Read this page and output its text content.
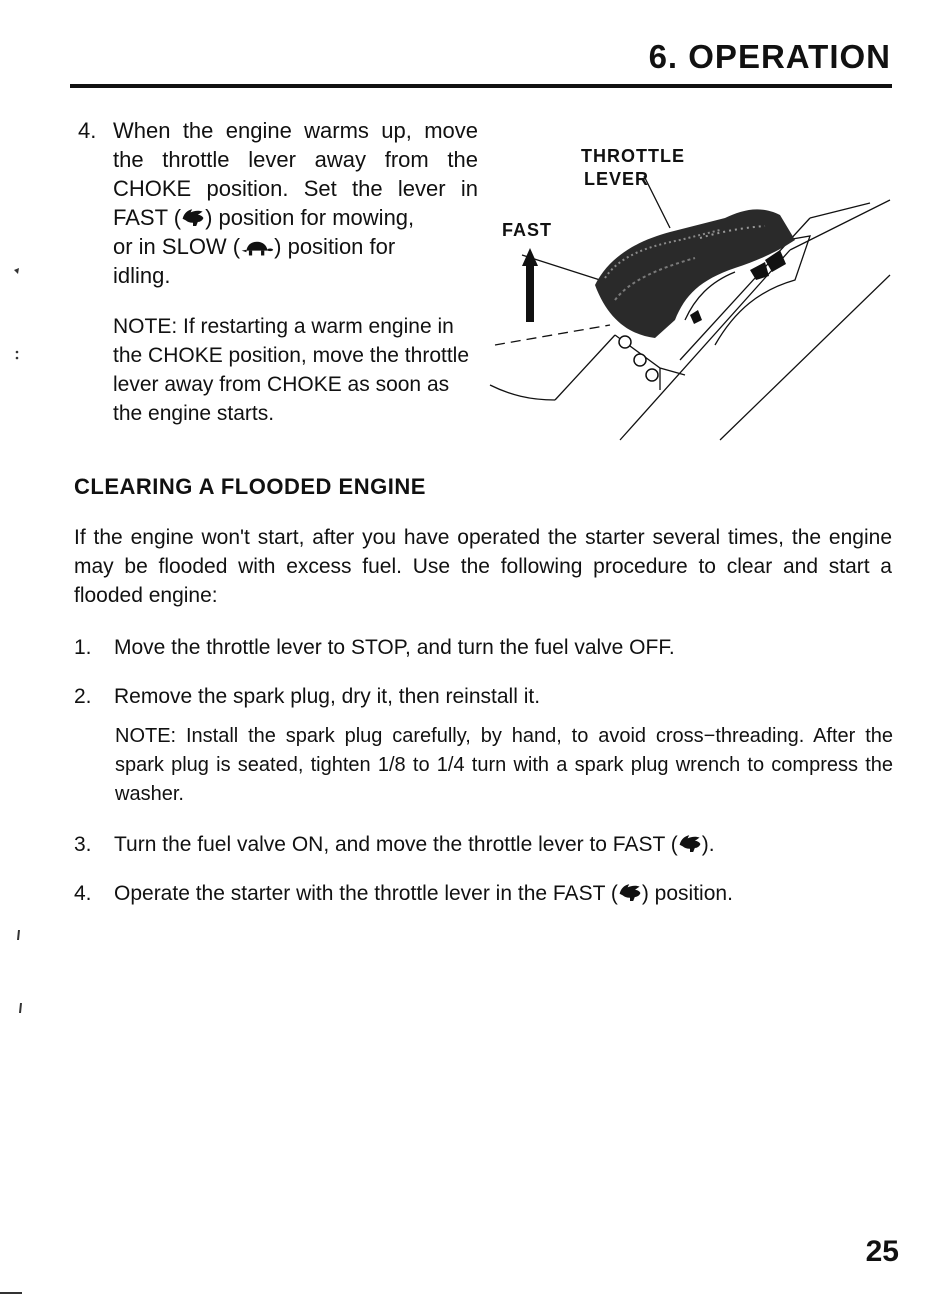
6. OPERATION
4. When the engine warms up, move
the throttle lever away from the
CHOKE position. Set the lever in
FAST ( ) position for mowing,
or in SLOW ( ) position for
idling.
NOTE: If restarting a warm engine in the CHOKE position, move the throttle lever away from CHOKE as soon as the engine starts.
THROTTLE
LEVER
FAST
CLEARING A FLOODED ENGINE
If the engine won't start, after you have operated the starter several times, the engine may be flooded with excess fuel. Use the following procedure to clear and start a flooded engine:
1. Move the throttle lever to STOP, and turn the fuel valve OFF.
2. Remove the spark plug, dry it, then reinstall it.
NOTE: Install the spark plug carefully, by hand, to avoid cross−threading. After the spark plug is seated, tighten 1/8 to 1/4 turn with a spark plug wrench to compress the washer.
3. Turn the fuel valve ON, and move the throttle lever to FAST ( ).
4. Operate the starter with the throttle lever in the FAST ( ) position.
25
